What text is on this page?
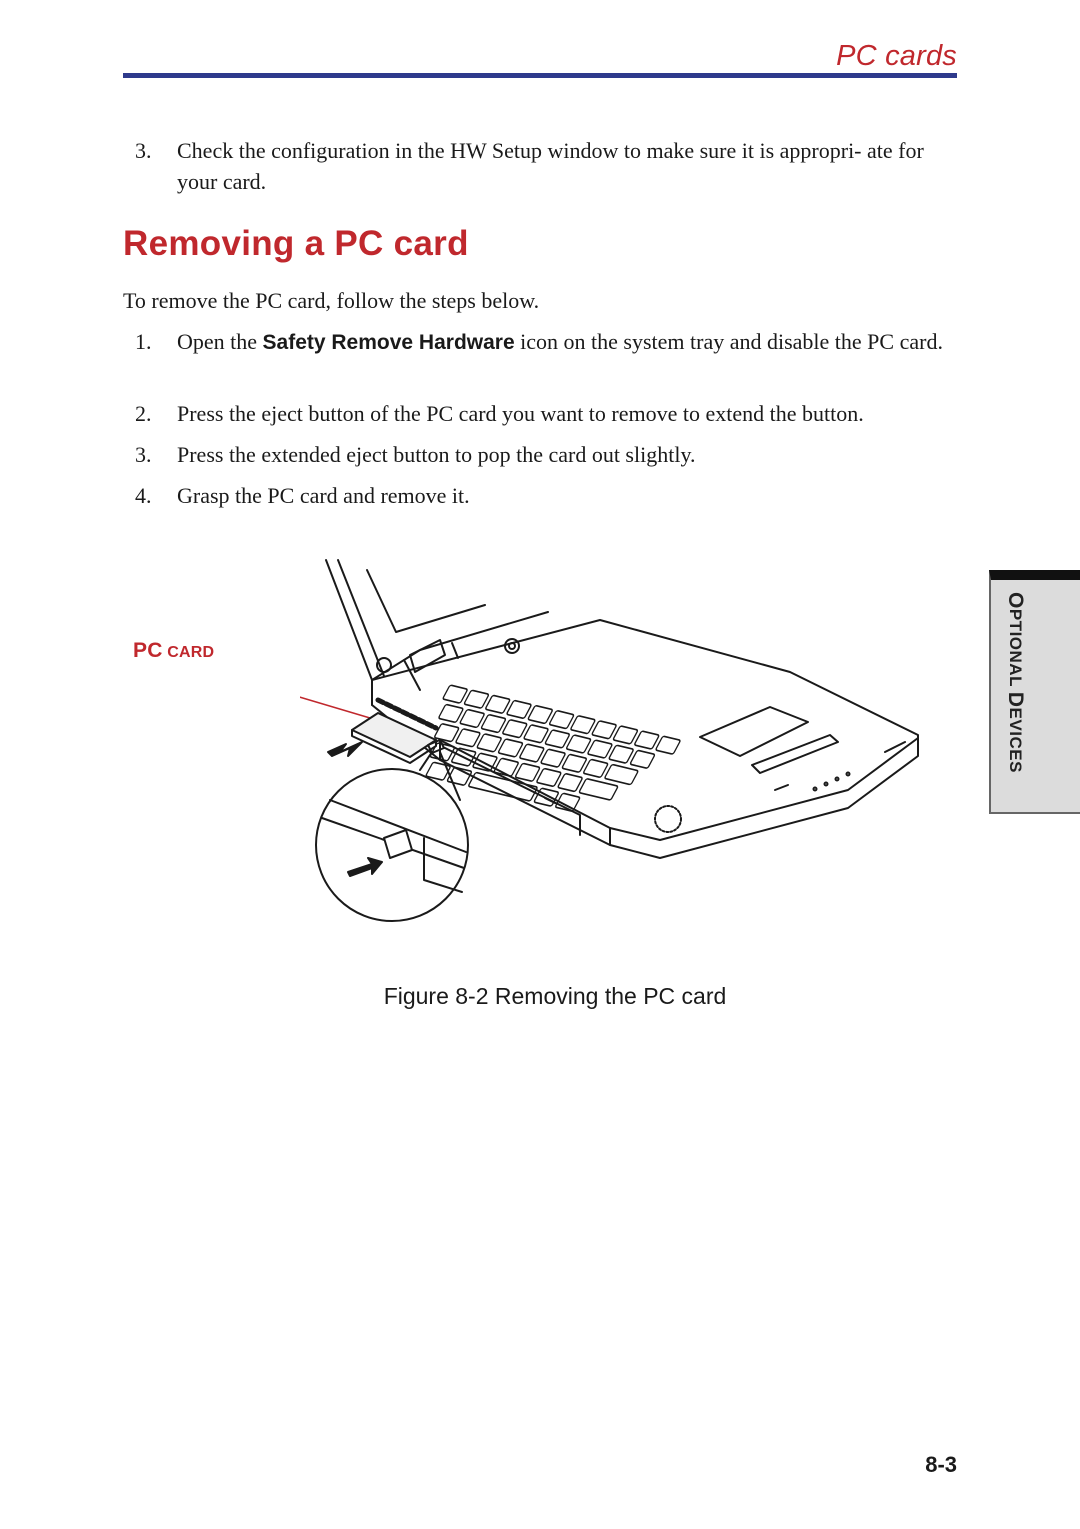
PC cards
3. Check the configuration in the HW Setup window to make sure it is appropri- ate for your card.
Removing a PC card
To remove the PC card, follow the steps below.
1. Open the Safety Remove Hardware icon on the system tray and disable the PC card.
2. Press the eject button of the PC card you want to remove to extend the button.
3. Press the extended eject button to pop the card out slightly.
4. Grasp the PC card and remove it.
PC CARD
Figure 8-2 Removing the PC card
OPTIONAL DEVICES
8-3
